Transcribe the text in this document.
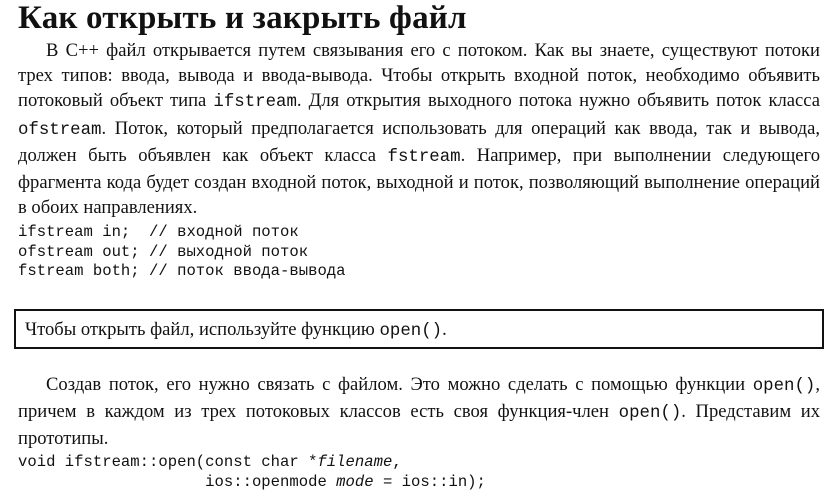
Как открыть и закрыть файл

В C++ файл открывается путем связывания его с потоком. Как вы знаете, существуют потоки трех типов: ввода, вывода и ввода-вывода. Чтобы открыть входной поток, необходимо объявить потоковый объект типа ifstream. Для открытия выходного потока нужно объявить поток класса ofstream. Поток, который предполагается использовать для операций как ввода, так и вывода, должен быть объявлен как объект класса fstream. Например, при выполнении следующего фрагмента кода будет создан входной поток, выходной и поток, позволяющий выполнение операций в обоих направлениях.

ifstream in;  // входной поток
ofstream out; // выходной поток
fstream both; // поток ввода-вывода

Чтобы открыть файл, используйте функцию open().

Создав поток, его нужно связать с файлом. Это можно сделать с помощью функции open(), причем в каждом из трех потоковых классов есть своя функция-член open(). Представим их прототипы.

void ifstream::open(const char *filename,
ios::openmode mode = ios::in);
